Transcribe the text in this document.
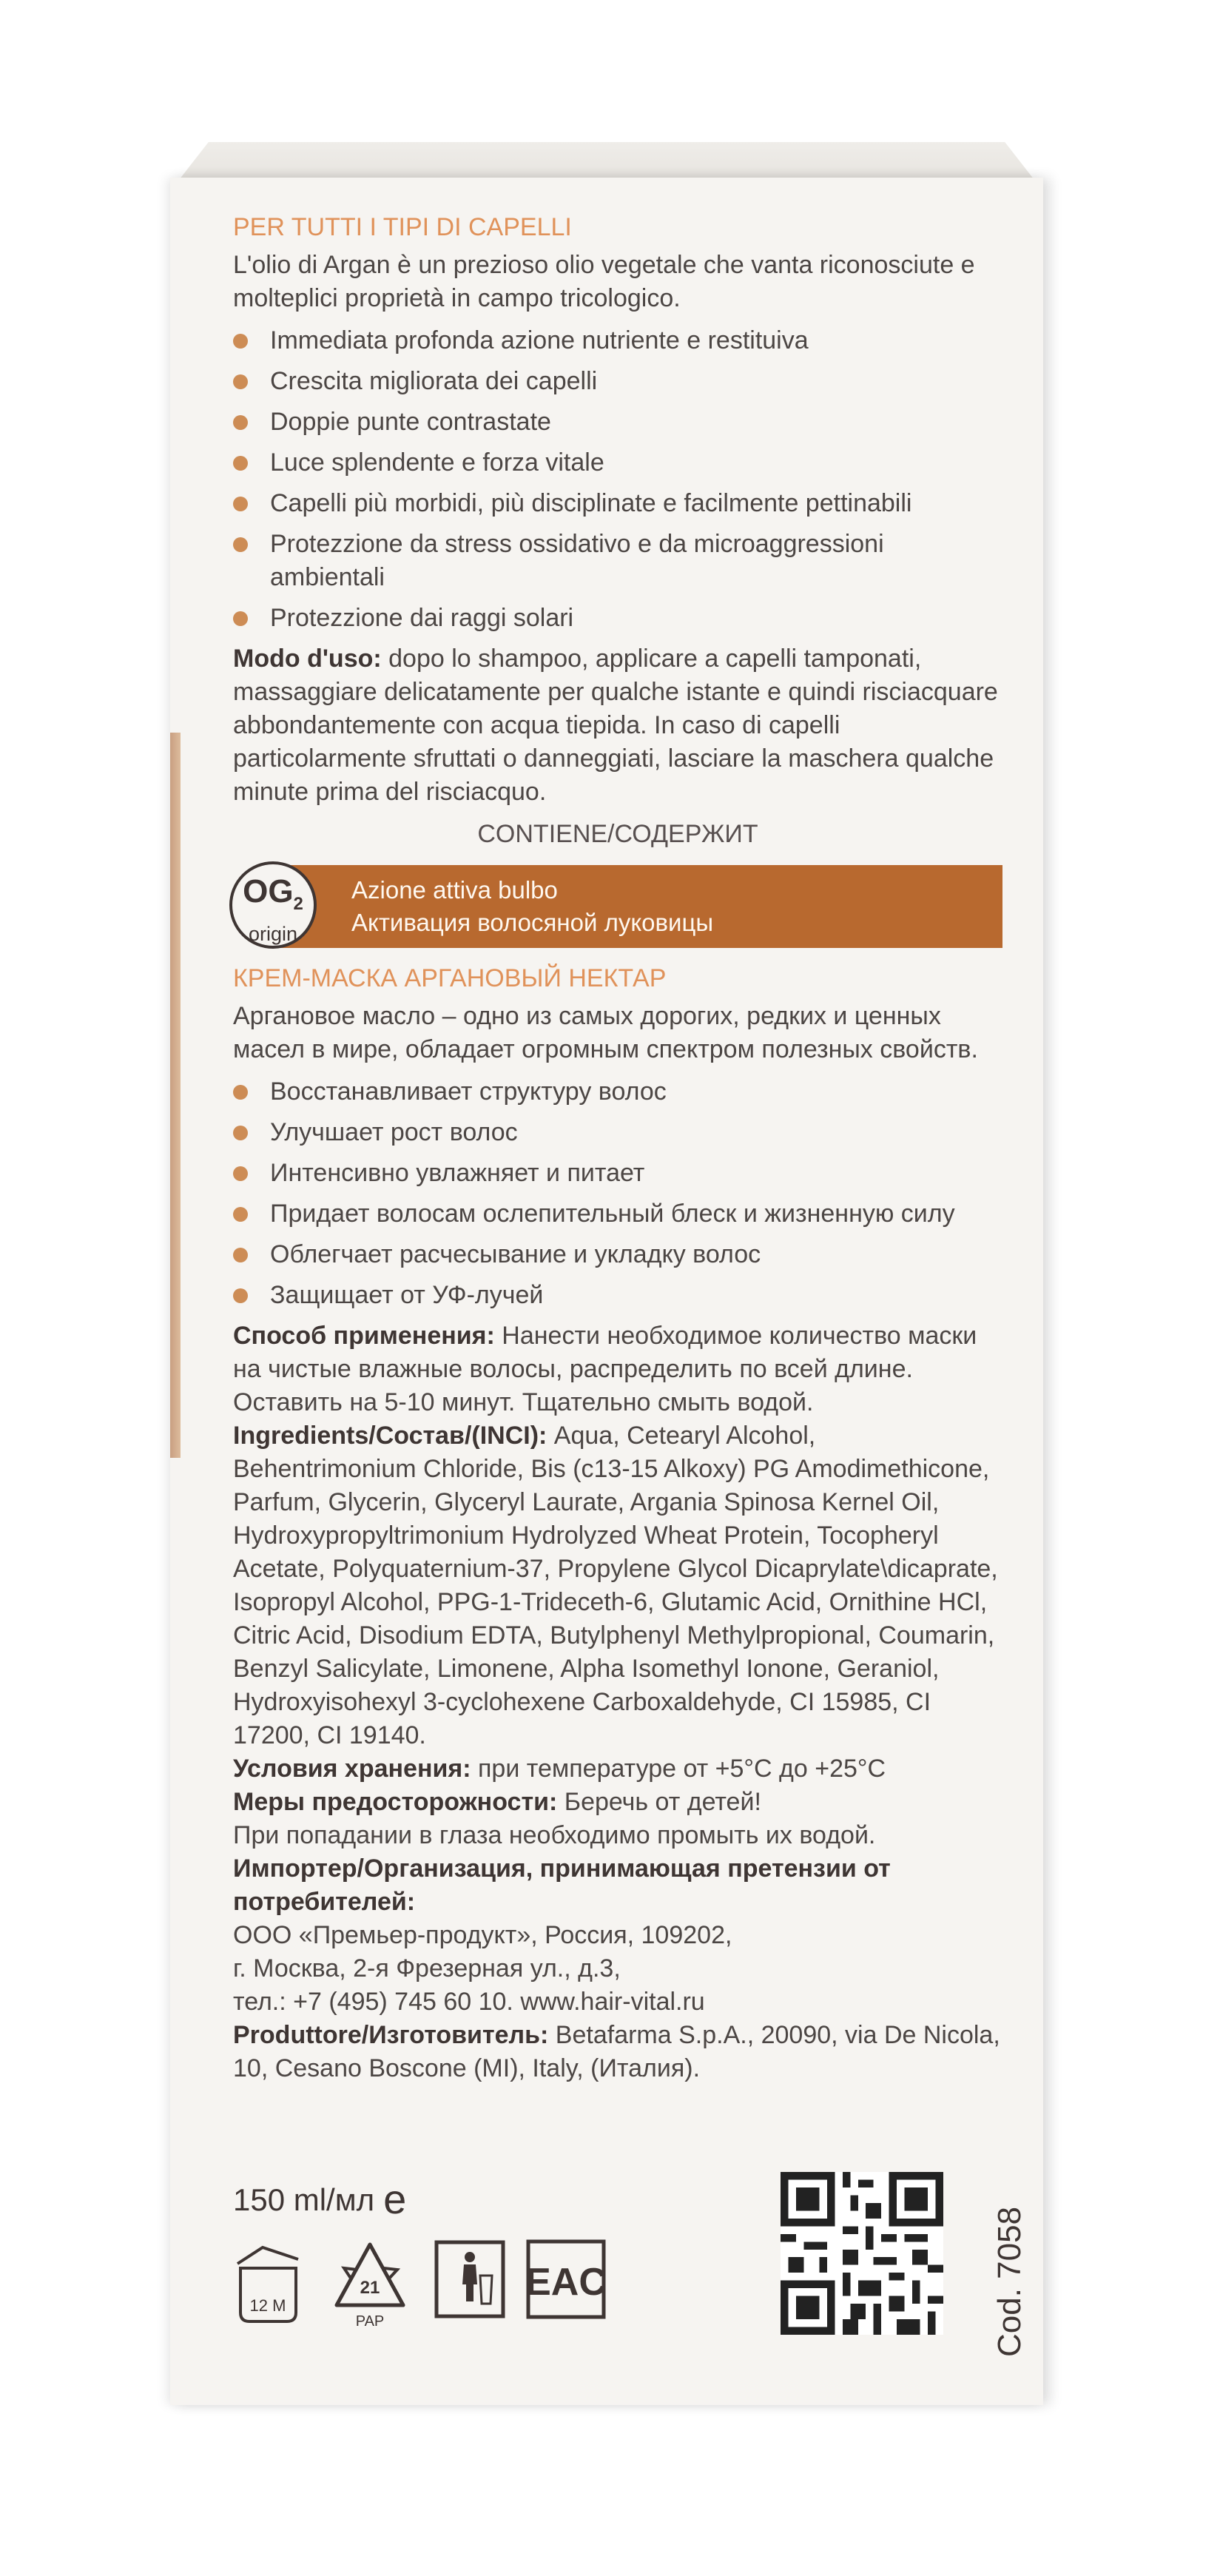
PER TUTTI I TIPI DI CAPELLI

L'olio di Argan è un prezioso olio vegetale che vanta riconosciute e molteplici proprietà in campo tricologico.

Immediata profonda azione nutriente e restituiva
Crescita migliorata dei capelli
Doppie punte contrastate
Luce splendente e forza vitale
Capelli più morbidi, più disciplinate e facilmente pettinabili
Protezzione da stress ossidativo e da microaggressioni ambientali
Protezzione dai raggi solari

Modo d'uso: dopo lo shampoo, applicare a capelli tamponati, massaggiare delicatamente per qualche istante e quindi risciacquare abbondantemente con acqua tiepida. In caso di capelli particolarmente sfruttati o danneggiati, lasciare la maschera qualche minute prima del risciacquo.

CONTIENE/СОДЕРЖИТ

Azione attiva bulbo
Активация волосяной луковицы
$OG_2$
origin

КРЕМ-МАСКА АРГАНОВЫЙ НЕКТАР

Аргановое масло – одно из самых дорогих, редких и ценных масел в мире, обладает огромным спектром полезных свойств.

Восстанавливает структуру волос
Улучшает рост волос
Интенсивно увлажняет и питает
Придает волосам ослепительный блеск и жизненную силу
Облегчает расчесывание и укладку волос
Защищает от УФ-лучей

Способ применения: Нанести необходимое количество маски на чистые влажные волосы, распределить по всей длине. Оставить на 5-10 минут. Тщательно смыть водой.

Ingredients/Состав/(INCI): Aqua, Cetearyl Alcohol, Behentrimonium Chloride, Bis (c13-15 Alkoxy) PG Amodimethicone, Parfum, Glycerin, Glyceryl Laurate, Argania Spinosa Kernel Oil, Hydroxypropyltrimonium Hydrolyzed Wheat Protein, Tocopheryl Acetate, Polyquaternium-37, Propylene Glycol Dicaprylate\dicaprate, Isopropyl Alcohol, PPG-1-Trideceth-6, Glutamic Acid, Ornithine HCl, Citric Acid, Disodium EDTA, Butylphenyl Methylpropional, Coumarin, Benzyl Salicylate, Limonene, Alpha Isomethyl Ionone, Geraniol, Hydroxyisohexyl 3-cyclohexene Carboxaldehyde, CI 15985, CI 17200, CI 19140.

Условия хранения: при температуре от +5°C до +25°C

Меры предосторожности: Беречь от детей!

При попадании в глаза необходимо промыть их водой.

Импортер/Организация, принимающая претензии от потребителей:

ООО «Премьер-продукт», Россия, 109202,

г. Москва, 2-я Фрезерная ул., д.3,

тел.: +7 (495) 745 60 10. www.hair-vital.ru

Produttore/Изготовитель: Betafarma S.p.A., 20090, via De Nicola, 10, Cesano Boscone (MI), Italy, (Италия).

150 ml/мл e
12 M
21
PAP
EAC	Cod. 7058
